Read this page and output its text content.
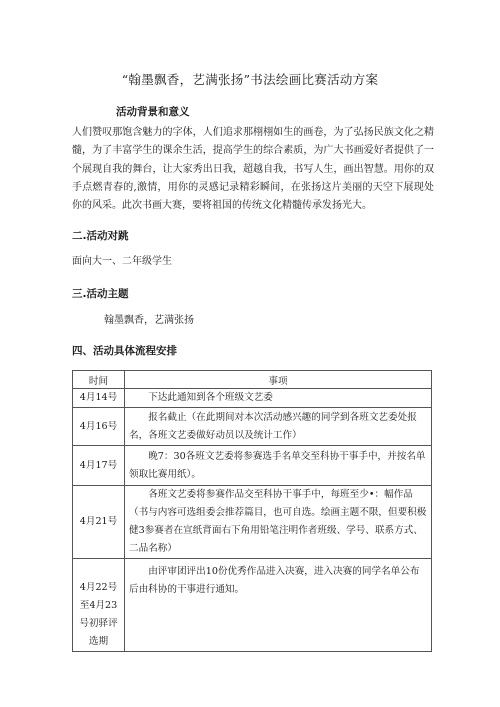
“翰墨飘香，艺满张扬”书法绘画比赛活动方案
活动背景和意义

人们赞叹那饱含魅力的字体，人们追求那栩栩如生的画卷，为了弘扬民族文化之精髓，为了丰富学生的课余生活，提高学生的综合素质，为广大书画爱好者提供了一个展现自我的舞台，让大家秀出日我，超越自我，书写人生，画出智慧。用你的双手点燃青春的,激情，用你的灵感记录精彩瞬间，在张扬这片美丽的天空下展现处你的风采。此次书画大赛，要将祖国的传统文化精髓传承发扬光大。

二.活动对跳
面向大一、二年级学生
三.活动主题
翰墨飘香，艺满张扬
四、活动具体流程安排
时间	事项
4月14号	下达此通知到各个班级文艺委

4月16号	报名截止（在此期间对本次活动感兴趣的同学到各班文艺委处报名，各班文艺委做好动员以及统计工作）

4月17号	晚7：30各班文艺委将参赛选手名单交至科协干事手中，并按名单领取比赛用纸）。

4月21号	各班文艺委将参赛作品交至科协干事手中，每班至少•：幅作品（书与内容可选组委会推荐篇目，也可自选。绘画主题不限，但要积极健3参赛者在宣纸背面右下角用铅笔注明作者班级、学号、联系方式、二品名称）

4月22号至4月23号初驿评选期	由评审团评出10份优秀作品进入决赛，进入决赛的同学名单公布后由科协的干事进行通知。
